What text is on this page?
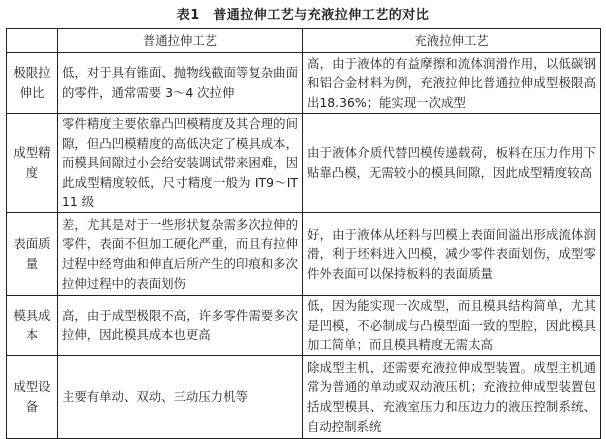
表1　普通拉伸工艺与充液拉伸工艺的对比
	普通拉伸工艺	充液拉伸工艺
极限拉伸比	低，对于具有锥面、抛物线截面等复杂曲面的零件，通常需要 3～4 次拉伸	高，由于液体的有益摩擦和流体润滑作用，以低碳钢和铝合金材料为例，充液拉伸比普通拉伸成型极限高出18.36%；能实现一次成型
成型精度	零件精度主要依靠凸凹模精度及其合理的间隙，但凸凹模精度的高低决定了模具成本，而模具间隙过小会给安装调试带来困难，因此成型精度较低，尺寸精度一般为 IT9～IT11 级	由于液体介质代替凹模传递载荷，板料在压力作用下贴靠凸模，无需较小的模具间隙，因此成型精度较高
表面质量	差，尤其是对于一些形状复杂需多次拉伸的零件，表面不但加工硬化严重，而且有拉伸过程中经弯曲和伸直后所产生的印痕和多次拉伸过程中的表面划伤	好，由于液体从坯料与凹模上表面间溢出形成流体润滑，利于坯料进入凹模，减少零件表面划伤，成型零件外表面可以保持板料的表面质量
模具成本	高，由于成型极限不高，许多零件需要多次拉伸，因此模具成本也更高	低，因为能实现一次成型，而且模具结构简单，尤其是凹模，不必制成与凸模型面一致的型腔，因此模具加工简单；而且模具精度无需太高
成型设备	主要有单动、双动、三动压力机等	除成型主机，还需要充液拉伸成型装置。成型主机通常为普通的单动或双动液压机；充液拉伸成型装置包括成型模具、充液室压力和压边力的液压控制系统、自动控制系统
